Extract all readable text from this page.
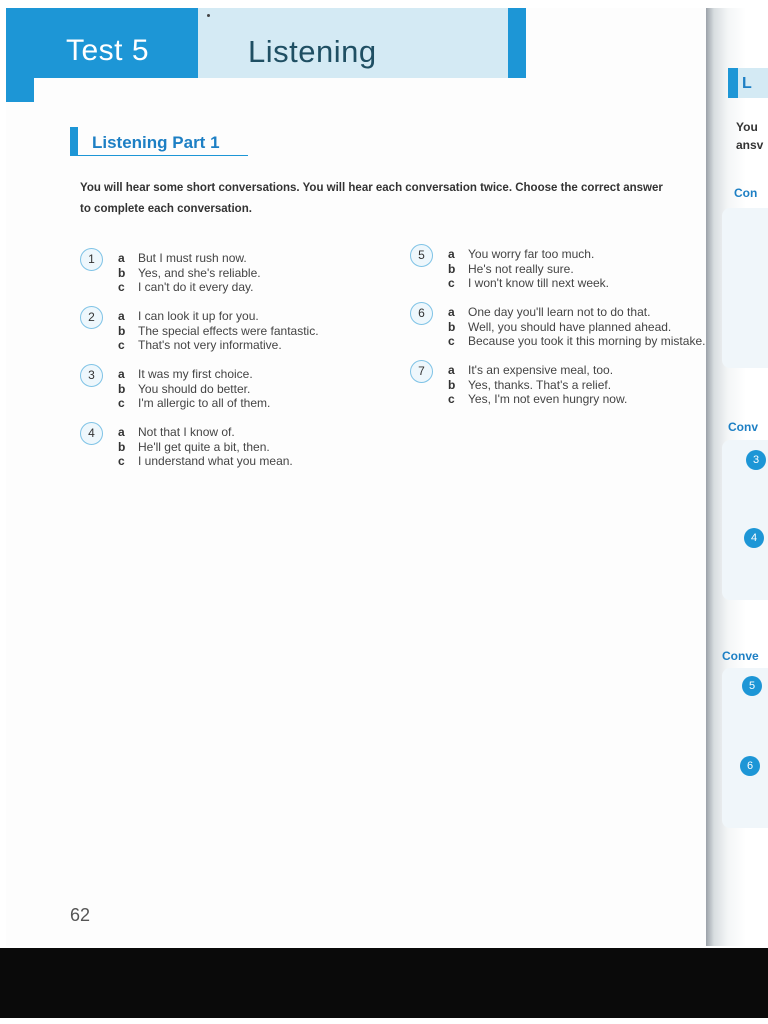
Test 5	Listening
Listening Part 1
You will hear some short conversations. You will hear each conversation twice. Choose the correct answer
to complete each conversation.
1	a But I must rush now.
b Yes, and she's reliable.
c I can't do it every day.
2	a I can look it up for you.
b The special effects were fantastic.
c That's not very informative.
3	a It was my first choice.
b You should do better.
c I'm allergic to all of them.
4	a Not that I know of.
b He'll get quite a bit, then.
c I understand what you mean.
5	a You worry far too much.
b He's not really sure.
c I won't know till next week.
6	a One day you'll learn not to do that.
b Well, you should have planned ahead.
c Because you took it this morning by mistake.
7	a It's an expensive meal, too.
b Yes, thanks. That's a relief.
c Yes, I'm not even hungry now.
62
L
You
ansv
Con
Conv
3
4
Conve
5
6
